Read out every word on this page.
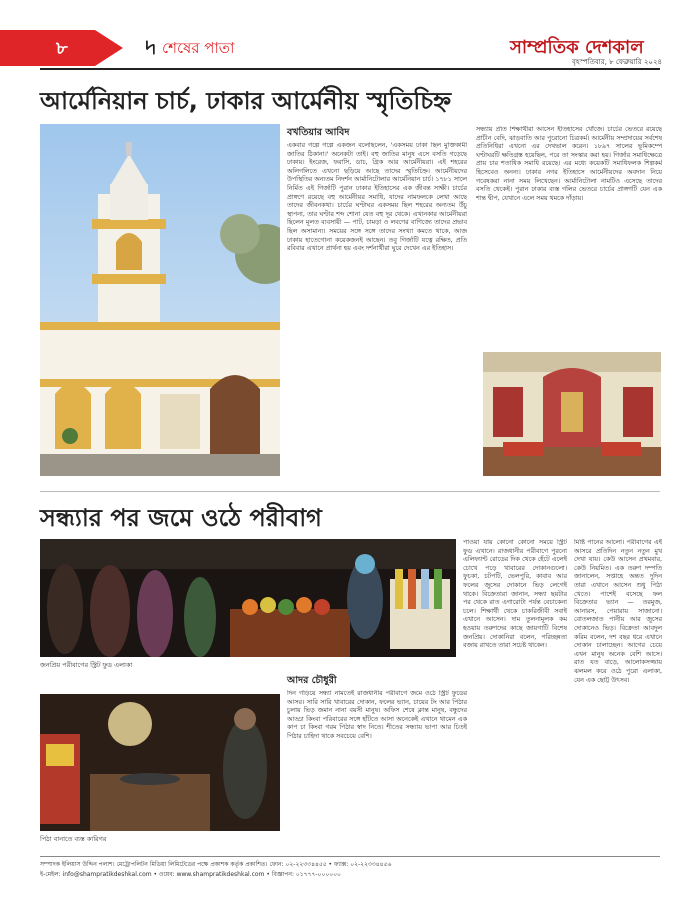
৮	৸ শেষের পাতা	সাম্প্রতিক দেশকাল
বৃহস্পতিবার, ৮ ফেব্রুয়ারি ২০২৪
আর্মেনিয়ান চার্চ, ঢাকার আর্মেনীয় স্মৃতিচিহ্ন
বখতিয়ার আবিদ
একবার গল্পে গল্পে একজন বলেছিলেন, 'একসময় ঢাকা ছিল মুক্তিকামী জাতির ঠিকানা।' অনেকটা তাই। বহু জাতির মানুষ এসে বসতি গড়েছে ঢাকায়। ইংরেজ, ফরাসি, ডাচ, গ্রিক আর আর্মেনীয়রা। এই শহরের অলিগলিতে এখনো ছড়িয়ে আছে তাদের স্মৃতিচিহ্ন। আর্মেনীয়দের উপস্থিতির অন্যতম নিদর্শন আর্মানিটোলার আর্মেনিয়ান চার্চ। ১৭৮১ সালে নির্মিত এই গির্জাটি পুরান ঢাকার ইতিহাসের এক জীবন্ত সাক্ষী। চার্চের প্রাঙ্গণে রয়েছে বহু আর্মেনীয়র সমাধি, যাদের নামফলকে লেখা আছে তাদের জীবনকথা। চার্চের ঘণ্টাঘর একসময় ছিল শহরের অন্যতম উঁচু স্থাপনা, তার ঘণ্টার শব্দ শোনা যেত বহু দূর থেকে। এখানকার আর্মেনীয়রা ছিলেন মূলত ব্যবসায়ী — পাট, চামড়া ও লবণের বাণিজ্যে তাদের প্রভাব ছিল অসামান্য। সময়ের সঙ্গে সঙ্গে তাদের সংখ্যা কমতে থাকে, আজ ঢাকায় হাতেগোনা কয়েকজনই আছেন। তবু গির্জাটি যত্নে রক্ষিত, প্রতি রবিবার এখানে প্রার্থনা হয় এবং দর্শনার্থীরা ঘুরে দেখেন এর ইতিহাস।
সন্ধ্যায় প্রতি শিক্ষার্থীরা আসেন ইতিহাসের খোঁজে। চার্চের ভেতরে রয়েছে প্রাচীন বেদি, ঝাড়বাতি আর পুরোনো চিত্রকর্ম। আর্মেনীয় সম্প্রদায়ের সর্বশেষ প্রতিনিধিরা এখনো এর দেখভাল করেন। ১৮৯৭ সালের ভূমিকম্পে ঘণ্টাঘরটি ক্ষতিগ্রস্ত হয়েছিল, পরে তা সংস্কার করা হয়। গির্জার সমাধিক্ষেত্রে প্রায় চার শতাধিক সমাধি রয়েছে। এর মধ্যে কয়েকটি সমাধিফলক শিল্পকর্ম হিসেবেও অনন্য। ঢাকার নগর ইতিহাসে আর্মেনীয়দের অবদান নিয়ে গবেষকরা নানা সময় লিখেছেন। আর্মানিটোলা নামটিও এসেছে তাদের বসতি থেকেই। পুরান ঢাকার ব্যস্ত গলির ভেতরে চার্চের প্রাঙ্গণটি যেন এক শান্ত দ্বীপ, যেখানে এলে সময় থমকে দাঁড়ায়।
সন্ধ্যার পর জমে ওঠে পরীবাগ
জনপ্রিয় পরীবাগের স্ট্রিট ফুড এলাকা
আদর চৌধুরী
পিঠা বানাতে ব্যস্ত কারিগর
দিন গড়িয়ে সন্ধ্যা নামতেই রাজধানীর পরীবাগে জমে ওঠে স্ট্রিট ফুডের আসর। সারি সারি খাবারের দোকান, ফলের ভ্যান, চায়ের টং আর পিঠার চুলায় ভিড় জমান নানা বয়সী মানুষ। অফিস শেষে ক্লান্ত মানুষ, বন্ধুদের আড্ডা কিংবা পরিবারের সঙ্গে হাঁটতে আসা অনেকেই এখানে থামেন এক কাপ চা কিংবা গরম পিঠার স্বাদ নিতে। শীতের সন্ধ্যায় ভাপা আর চিতই পিঠার চাহিদা থাকে সবচেয়ে বেশি।
পাওয়া যায় কোনো কোনো সময়ে স্ট্রিট ফুড এখানে। রাজধানীর পরীবাগে পুরনো এলিফ্যান্ট রোডের দিক থেকে হেঁটে এলেই চোখে পড়ে খাবারের দোকানগুলো। ফুচকা, চটপটি, ভেলপুরি, কাবাব আর ফলের জুসের দোকানে ভিড় লেগেই থাকে। বিক্রেতারা জানান, সন্ধ্যা ছয়টার পর থেকে রাত এগারোটা পর্যন্ত বেচাকেনা চলে। শিক্ষার্থী থেকে চাকরিজীবী সবাই এখানে আসেন। দাম তুলনামূলক কম হওয়ায় তরুণদের কাছে জায়গাটি বিশেষ জনপ্রিয়। দোকানিরা বলেন, পরিচ্ছন্নতা বজায় রাখতে তারা সচেষ্ট থাকেন।
মিষ্টি পানের আলো। পরীবাগের এই আসরে প্রতিদিন নতুন নতুন মুখ দেখা যায়। কেউ আসেন প্রথমবার, কেউ নিয়মিত। এক তরুণ দম্পতি জানালেন, সপ্তাহে অন্তত দুদিন তারা এখানে আসেন শুধু পিঠা খেতে। পাশেই বসেছে ফল বিক্রেতার ভ্যান — তরমুজ, আনারস, পেয়ারায় সাজানো। বোতলজাত পানীয় আর জুসের দোকানেও ভিড়। বিক্রেতা আবদুল করিম বলেন, দশ বছর ধরে এখানে দোকান চালাচ্ছেন। আগের চেয়ে এখন মানুষ অনেক বেশি আসে। রাত যত বাড়ে, আলোকসজ্জায় ঝলমল করে ওঠে পুরো এলাকা, যেন এক ছোট্ট উৎসব।
সম্পাদক ইলিয়াস উদ্দিন পলাশ। মেট্রোপলিটন মিডিয়া লিমিটেডের পক্ষে প্রকাশক কর্তৃক প্রকাশিত। ফোন: ০২-২২৩৩৪৪৫৫ • ফ্যাক্স: ০২-২২৩৩৪৪৫৬
ই-মেইল: info@shampratikdeshkal.com • ওয়েব: www.shampratikdeshkal.com • বিজ্ঞাপন: ০১৭৭৭-০০০০০০
